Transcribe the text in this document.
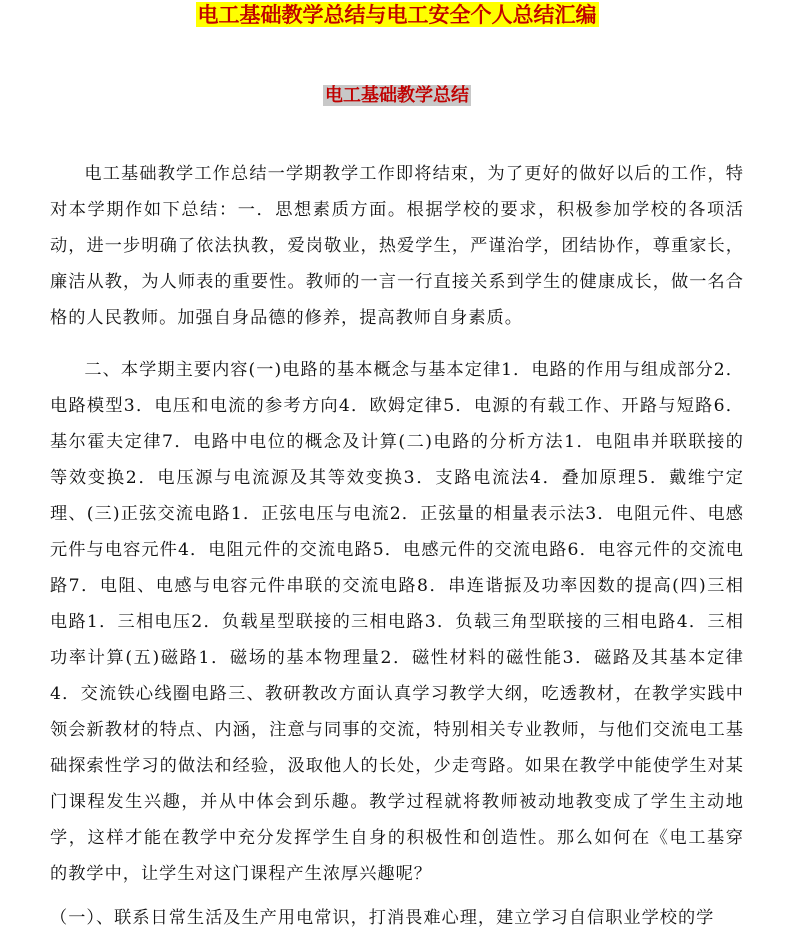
电工基础教学总结与电工安全个人总结汇编
电工基础教学总结

电工基础教学工作总结一学期教学工作即将结束，为了更好的做好以后的工作，特对本学期作如下总结：一．思想素质方面。根据学校的要求，积极参加学校的各项活动，进一步明确了依法执教，爱岗敬业，热爱学生，严谨治学，团结协作，尊重家长，廉洁从教，为人师表的重要性。教师的一言一行直接关系到学生的健康成长，做一名合格的人民教师。加强自身品德的修养，提高教师自身素质。

二、本学期主要内容(一)电路的基本概念与基本定律1．电路的作用与组成部分2．电路模型3．电压和电流的参考方向4．欧姆定律5．电源的有载工作、开路与短路6．基尔霍夫定律7．电路中电位的概念及计算(二)电路的分析方法1．电阻串并联联接的等效变换2．电压源与电流源及其等效变换3．支路电流法4．叠加原理5．戴维宁定理、(三)正弦交流电路1．正弦电压与电流2．正弦量的相量表示法3．电阻元件、电感元件与电容元件4．电阻元件的交流电路5．电感元件的交流电路6．电容元件的交流电路7．电阻、电感与电容元件串联的交流电路8．串连谐振及功率因数的提高(四)三相电路1．三相电压2．负载星型联接的三相电路3．负载三角型联接的三相电路4．三相功率计算(五)磁路1．磁场的基本物理量2．磁性材料的磁性能3．磁路及其基本定律4．交流铁心线圈电路三、教研教改方面认真学习教学大纲，吃透教材，在教学实践中领会新教材的特点、内涵，注意与同事的交流，特别相关专业教师，与他们交流电工基础探索性学习的做法和经验，汲取他人的长处，少走弯路。如果在教学中能使学生对某门课程发生兴趣，并从中体会到乐趣。教学过程就将教师被动地教变成了学生主动地学，这样才能在教学中充分发挥学生自身的积极性和创造性。那么如何在《电工基穿　的教学中，让学生对这门课程产生浓厚兴趣呢？

（一）、联系日常生活及生产用电常识，打消畏难心理，建立学习自信职业学校的学
